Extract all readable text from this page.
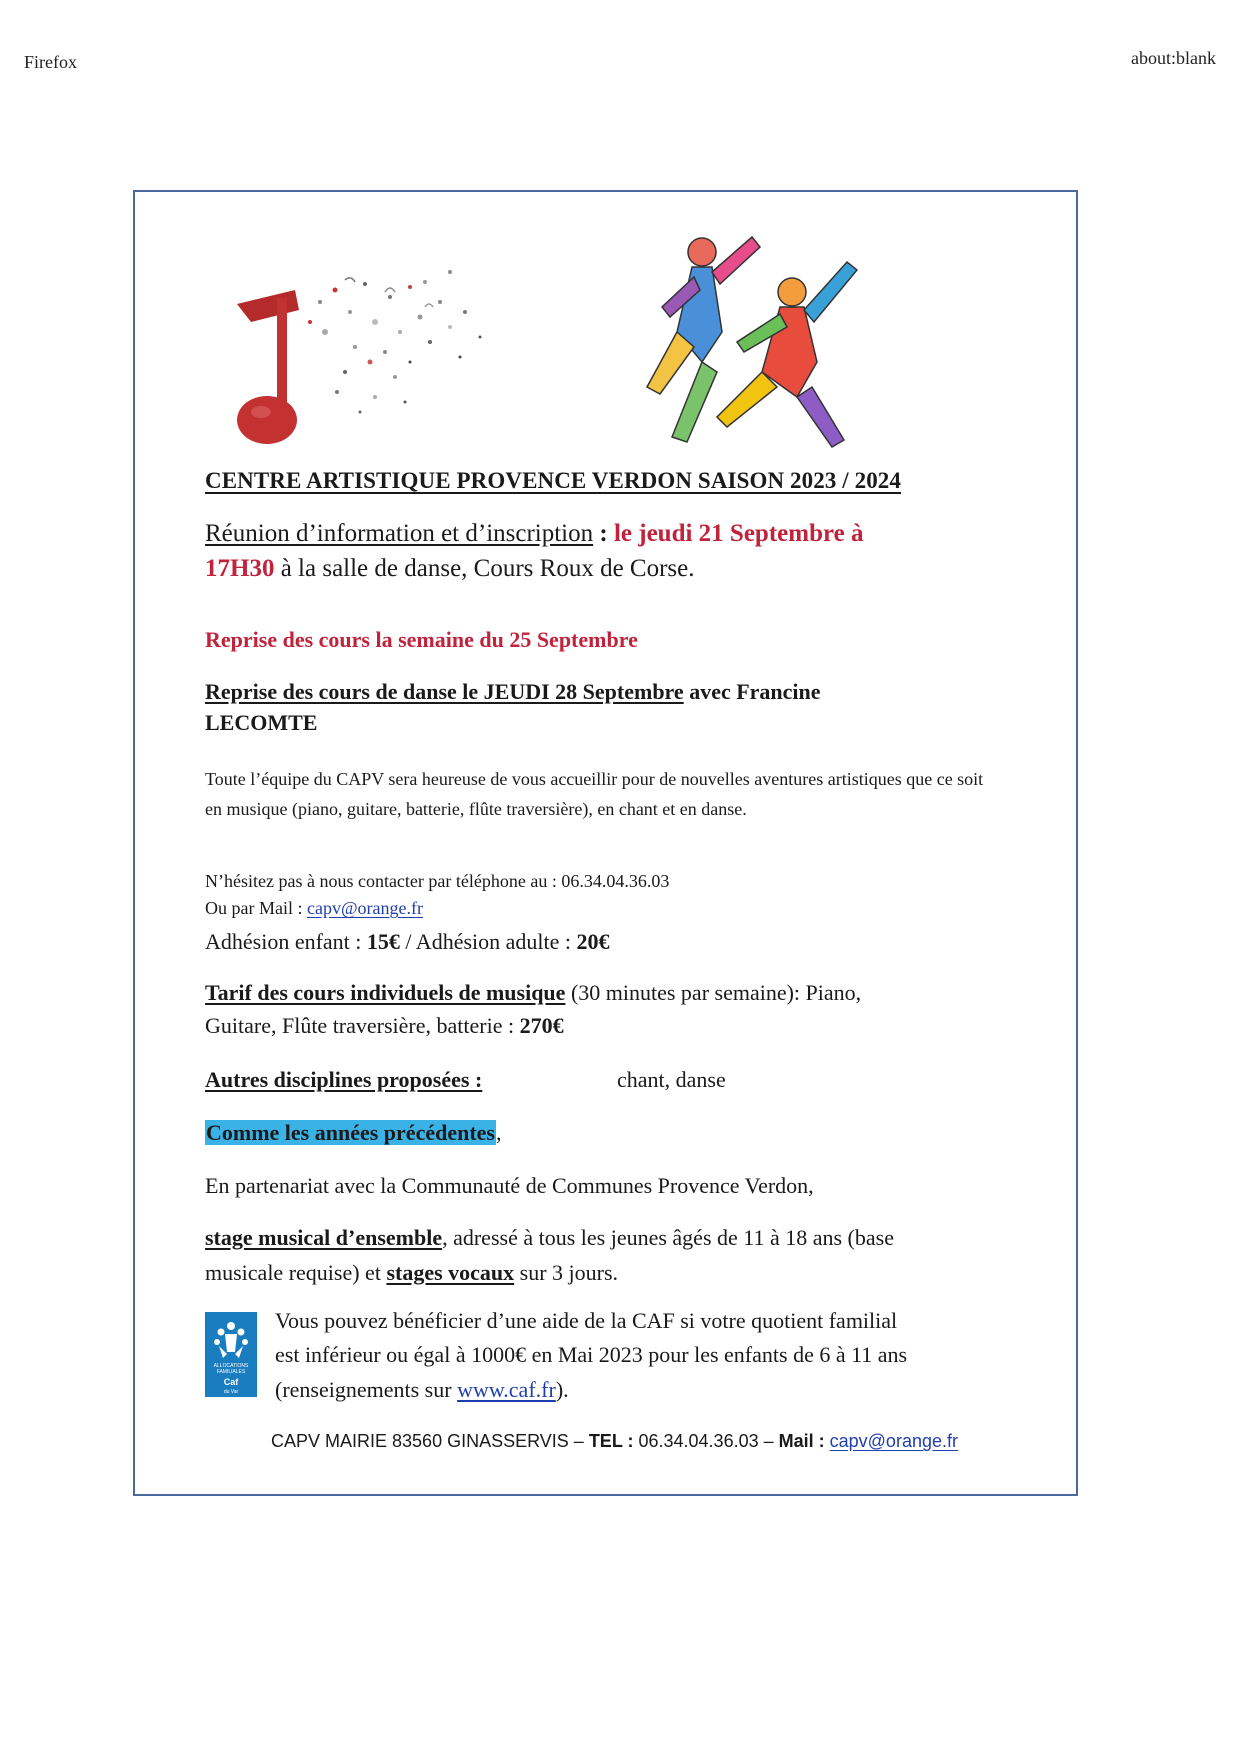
Firefox	about:blank
CENTRE ARTISTIQUE PROVENCE VERDON SAISON 2023 / 2024
Réunion d’information et d’inscription : le jeudi 21 Septembre à
17H30 à la salle de danse, Cours Roux de Corse.
Reprise des cours la semaine du 25 Septembre
Reprise des cours de danse le JEUDI 28 Septembre avec Francine
LECOMTE
Toute l’équipe du CAPV sera heureuse de vous accueillir pour de nouvelles aventures artistiques que ce soit en musique (piano, guitare, batterie, flûte traversière), en chant et en danse.
N’hésitez pas à nous contacter par téléphone au : 06.34.04.36.03
Ou par Mail : capv@orange.fr
Adhésion enfant : 15€ / Adhésion adulte : 20€
Tarif des cours individuels de musique (30 minutes par semaine): Piano,
Guitare, Flûte traversière, batterie : 270€
Autres disciplines proposées :	chant, danse
Comme les années précédentes,
En partenariat avec la Communauté de Communes Provence Verdon,
stage musical d’ensemble, adressé à tous les jeunes âgés de 11 à 18 ans (base
musicale requise) et stages vocaux sur 3 jours.
ALLOCATIONS
FAMILIALES
Caf
du Var
Vous pouvez bénéficier d’une aide de la CAF si votre quotient familial
est inférieur ou égal à 1000€ en Mai 2023 pour les enfants de 6 à 11 ans
(renseignements sur www.caf.fr).
CAPV MAIRIE 83560 GINASSERVIS – TEL : 06.34.04.36.03 – Mail : capv@orange.fr
